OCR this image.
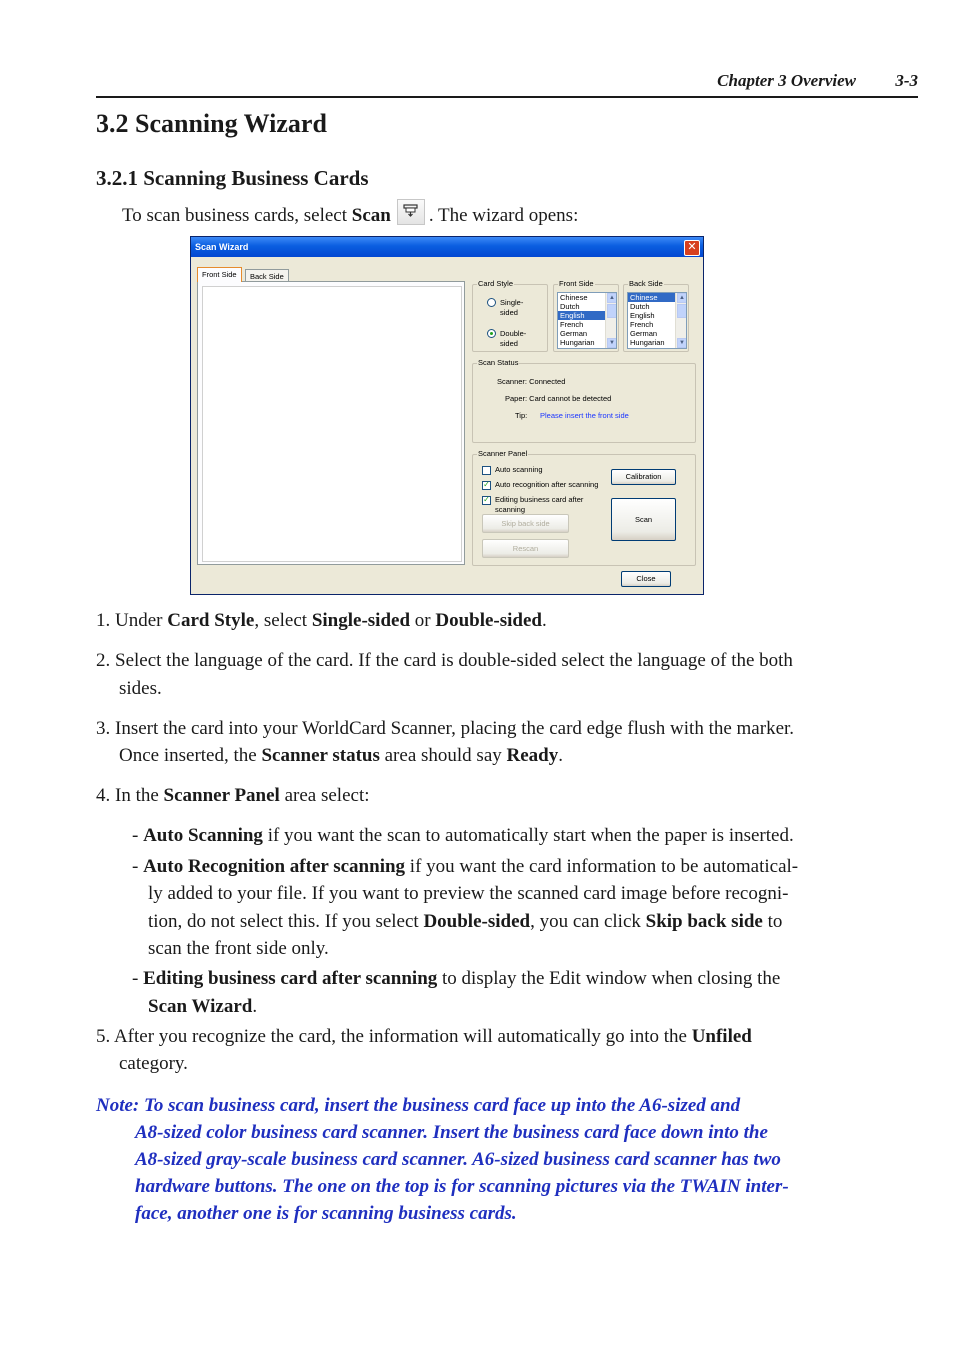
Chapter 3 Overview 3-3
3.2 Scanning Wizard
3.2.1 Scanning Business Cards
To scan business cards, select Scan . The wizard opens:
Scan Wizard	✕
Front Side	Back Side
Card Style
Single-
sided
Double-
sided
Front Side
Chinese
Dutch
English
French
German
Hungarian
▲
▼
Back Side
Chinese
Dutch
English
French
German
Hungarian
▲
▼
Scan Status
Scanner: Connected
Paper: Card cannot be detected
Tip: Please insert the front side
Scanner Panel
Auto scanning
✓ Auto recognition after scanning
✓ Editing business card after
scanning
Skip back side
Rescan
Calibration
Scan
Close
1. Under Card Style, select Single-sided or Double-sided.
2. Select the language of the card. If the card is double-sided select the language of the both
sides.
3. Insert the card into your WorldCard Scanner, placing the card edge flush with the marker.
Once inserted, the Scanner status area should say Ready.
4. In the Scanner Panel area select:
- Auto Scanning if you want the scan to automatically start when the paper is inserted.
- Auto Recognition after scanning if you want the card information to be automatical-
ly added to your file. If you want to preview the scanned card image before recogni-
tion, do not select this. If you select Double-sided, you can click Skip back side to
scan the front side only.
- Editing business card after scanning to display the Edit window when closing the
Scan Wizard.
5. After you recognize the card, the information will automatically go into the Unfiled
category.
Note: To scan business card, insert the business card face up into the A6-sized and
A8-sized color business card scanner. Insert the business card face down into the
A8-sized gray-scale business card scanner. A6-sized business card scanner has two
hardware buttons. The one on the top is for scanning pictures via the TWAIN inter-
face, another one is for scanning business cards.
